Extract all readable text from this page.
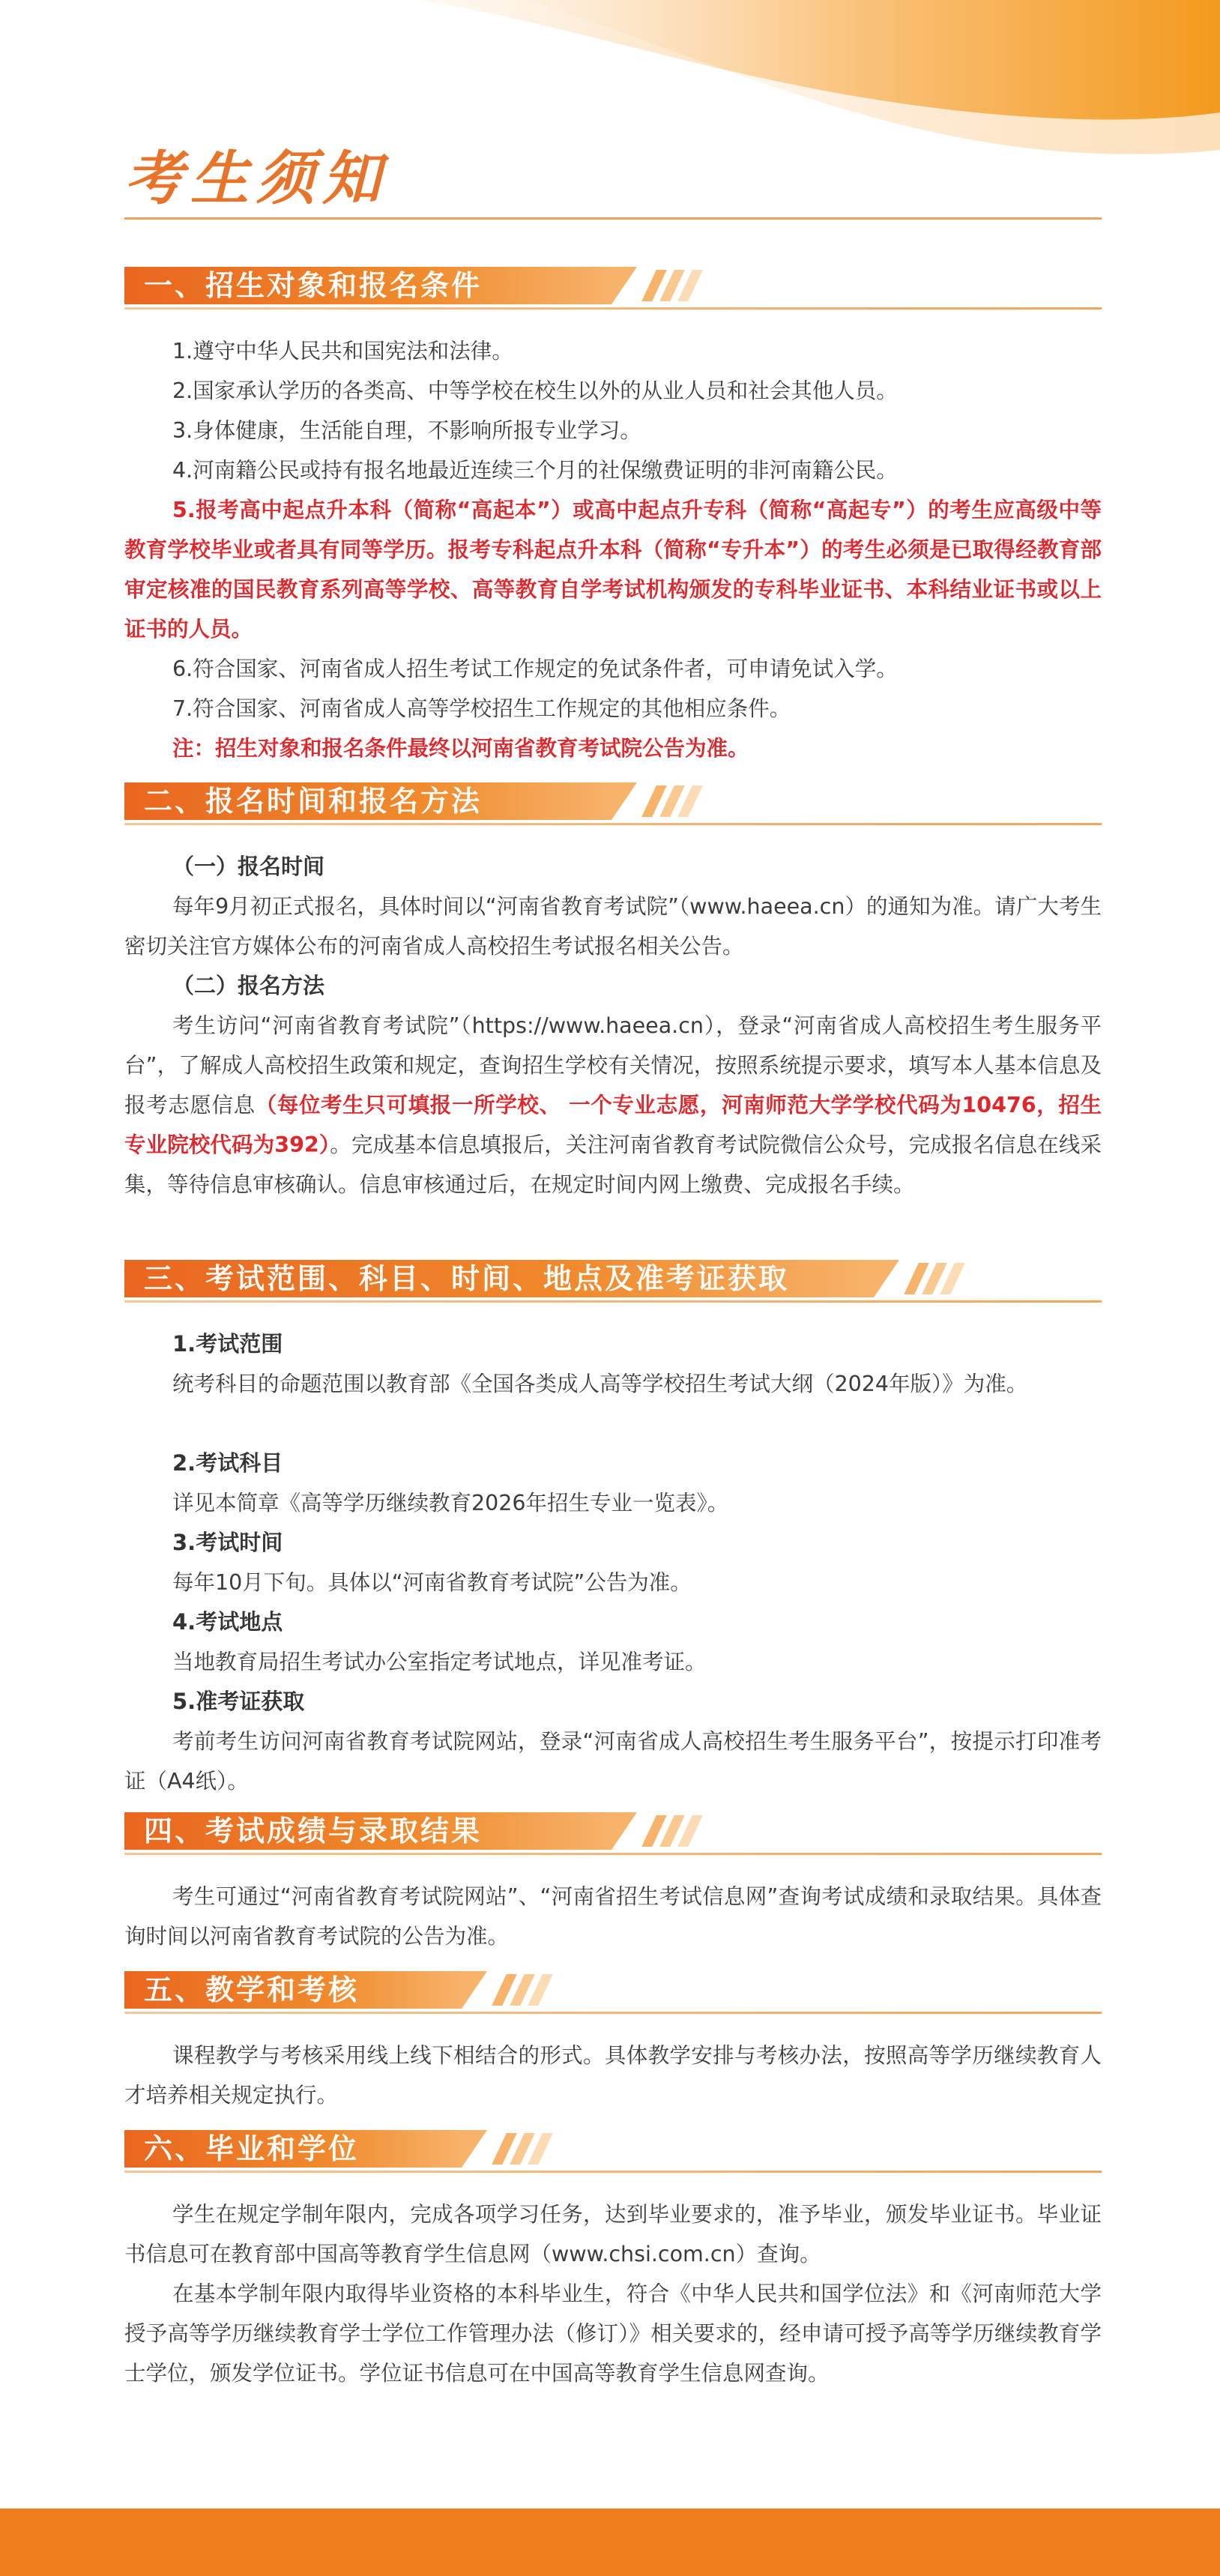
考生须知
一、招生对象和报名条件
1.遵守中华人民共和国宪法和法律。
2.国家承认学历的各类高、中等学校在校生以外的从业人员和社会其他人员。
3.身体健康，生活能自理，不影响所报专业学习。
4.河南籍公民或持有报名地最近连续三个月的社保缴费证明的非河南籍公民。
5.报考高中起点升本科（简称“高起本”）或高中起点升专科（简称“高起专”）的考生应高级中等教育学校毕业或者具有同等学历。报考专科起点升本科（简称“专升本”）的考生必须是已取得经教育部审定核准的国民教育系列高等学校、高等教育自学考试机构颁发的专科毕业证书、本科结业证书或以上证书的人员。
6.符合国家、河南省成人招生考试工作规定的免试条件者，可申请免试入学。
7.符合国家、河南省成人高等学校招生工作规定的其他相应条件。
注：招生对象和报名条件最终以河南省教育考试院公告为准。
二、报名时间和报名方法
（一）报名时间
每年9月初正式报名，具体时间以“河南省教育考试院”（www.haeea.cn）的通知为准。请广大考生密切关注官方媒体公布的河南省成人高校招生考试报名相关公告。
（二）报名方法
考生访问“河南省教育考试院”（https://www.haeea.cn），登录“河南省成人高校招生考生服务平台”，了解成人高校招生政策和规定，查询招生学校有关情况，按照系统提示要求，填写本人基本信息及报考志愿信息（每位考生只可填报一所学校、 一个专业志愿，河南师范大学学校代码为10476，招生专业院校代码为392）。完成基本信息填报后，关注河南省教育考试院微信公众号，完成报名信息在线采集，等待信息审核确认。信息审核通过后，在规定时间内网上缴费、完成报名手续。
三、考试范围、科目、时间、地点及准考证获取
1.考试范围
统考科目的命题范围以教育部《全国各类成人高等学校招生考试大纲（2024年版）》为准。
2.考试科目
详见本简章《高等学历继续教育2026年招生专业一览表》。
3.考试时间
每年10月下旬。具体以“河南省教育考试院”公告为准。
4.考试地点
当地教育局招生考试办公室指定考试地点，详见准考证。
5.准考证获取
考前考生访问河南省教育考试院网站，登录“河南省成人高校招生考生服务平台”，按提示打印准考证（A4纸）。
四、考试成绩与录取结果
考生可通过“河南省教育考试院网站”、“河南省招生考试信息网”查询考试成绩和录取结果。具体查询时间以河南省教育考试院的公告为准。
五、教学和考核
课程教学与考核采用线上线下相结合的形式。具体教学安排与考核办法，按照高等学历继续教育人才培养相关规定执行。
六、毕业和学位
学生在规定学制年限内，完成各项学习任务，达到毕业要求的，准予毕业，颁发毕业证书。毕业证书信息可在教育部中国高等教育学生信息网（www.chsi.com.cn）查询。
在基本学制年限内取得毕业资格的本科毕业生，符合《中华人民共和国学位法》和《河南师范大学授予高等学历继续教育学士学位工作管理办法（修订）》相关要求的，经申请可授予高等学历继续教育学士学位，颁发学位证书。学位证书信息可在中国高等教育学生信息网查询。
